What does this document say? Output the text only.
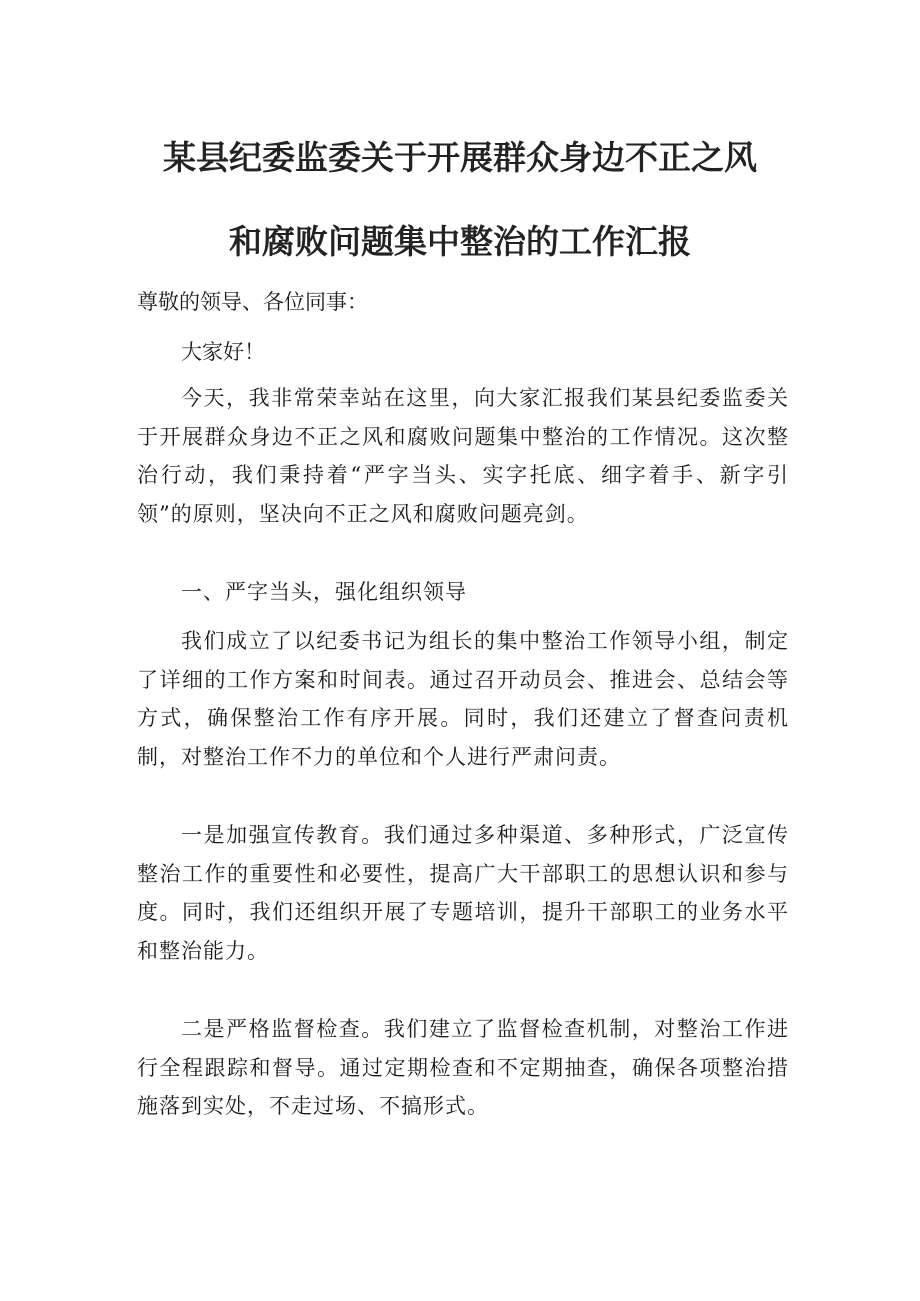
某县纪委监委关于开展群众身边不正之风
和腐败问题集中整治的工作汇报
尊敬的领导、各位同事：
大家好！
今天，我非常荣幸站在这里，向大家汇报我们某县纪委监委关于开展群众身边不正之风和腐败问题集中整治的工作情况。这次整治行动，我们秉持着“严字当头、实字托底、细字着手、新字引领”的原则，坚决向不正之风和腐败问题亮剑。
一、严字当头，强化组织领导
我们成立了以纪委书记为组长的集中整治工作领导小组，制定了详细的工作方案和时间表。通过召开动员会、推进会、总结会等方式，确保整治工作有序开展。同时，我们还建立了督查问责机制，对整治工作不力的单位和个人进行严肃问责。
一是加强宣传教育。我们通过多种渠道、多种形式，广泛宣传整治工作的重要性和必要性，提高广大干部职工的思想认识和参与度。同时，我们还组织开展了专题培训，提升干部职工的业务水平和整治能力。
二是严格监督检查。我们建立了监督检查机制，对整治工作进行全程跟踪和督导。通过定期检查和不定期抽查，确保各项整治措施落到实处，不走过场、不搞形式。
